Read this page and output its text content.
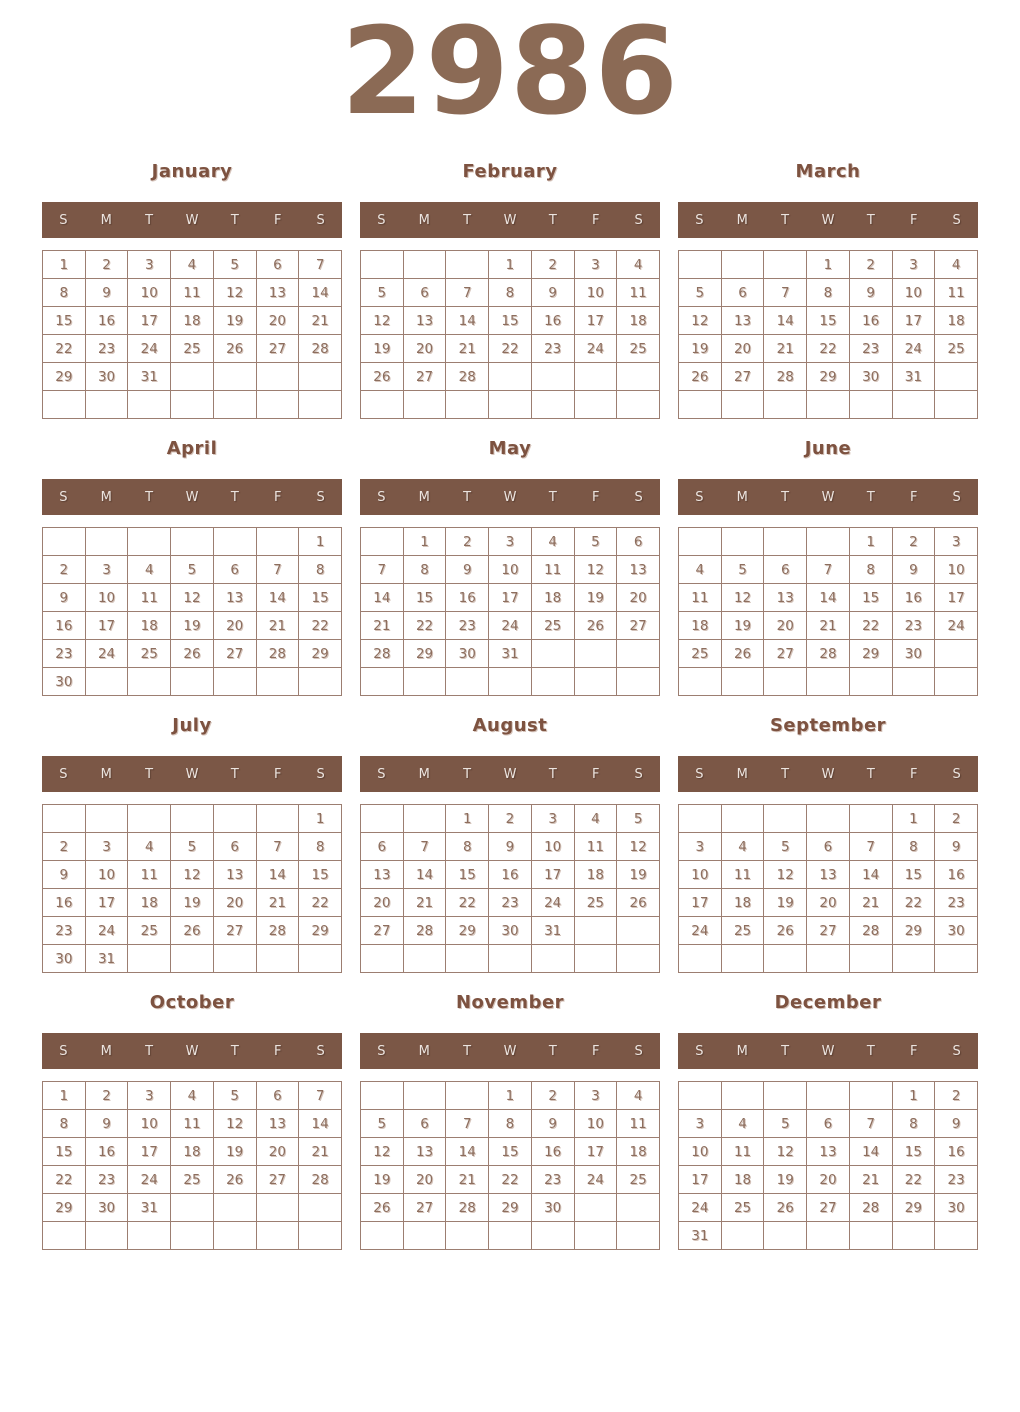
2986
January
S	M	T	W	T	F	S
1	2	3	4	5	6	7
8	9	10	11	12	13	14
15	16	17	18	19	20	21
22	23	24	25	26	27	28
29	30	31				

February
S	M	T	W	T	F	S
			1	2	3	4
5	6	7	8	9	10	11
12	13	14	15	16	17	18
19	20	21	22	23	24	25
26	27	28				

March
S	M	T	W	T	F	S
			1	2	3	4
5	6	7	8	9	10	11
12	13	14	15	16	17	18
19	20	21	22	23	24	25
26	27	28	29	30	31	

April
S	M	T	W	T	F	S
						1
2	3	4	5	6	7	8
9	10	11	12	13	14	15
16	17	18	19	20	21	22
23	24	25	26	27	28	29
30						
May
S	M	T	W	T	F	S
	1	2	3	4	5	6
7	8	9	10	11	12	13
14	15	16	17	18	19	20
21	22	23	24	25	26	27
28	29	30	31			

June
S	M	T	W	T	F	S
				1	2	3
4	5	6	7	8	9	10
11	12	13	14	15	16	17
18	19	20	21	22	23	24
25	26	27	28	29	30	

July
S	M	T	W	T	F	S
						1
2	3	4	5	6	7	8
9	10	11	12	13	14	15
16	17	18	19	20	21	22
23	24	25	26	27	28	29
30	31					
August
S	M	T	W	T	F	S
		1	2	3	4	5
6	7	8	9	10	11	12
13	14	15	16	17	18	19
20	21	22	23	24	25	26
27	28	29	30	31		

September
S	M	T	W	T	F	S
					1	2
3	4	5	6	7	8	9
10	11	12	13	14	15	16
17	18	19	20	21	22	23
24	25	26	27	28	29	30

October
S	M	T	W	T	F	S
1	2	3	4	5	6	7
8	9	10	11	12	13	14
15	16	17	18	19	20	21
22	23	24	25	26	27	28
29	30	31				

November
S	M	T	W	T	F	S
			1	2	3	4
5	6	7	8	9	10	11
12	13	14	15	16	17	18
19	20	21	22	23	24	25
26	27	28	29	30		

December
S	M	T	W	T	F	S
					1	2
3	4	5	6	7	8	9
10	11	12	13	14	15	16
17	18	19	20	21	22	23
24	25	26	27	28	29	30
31						
